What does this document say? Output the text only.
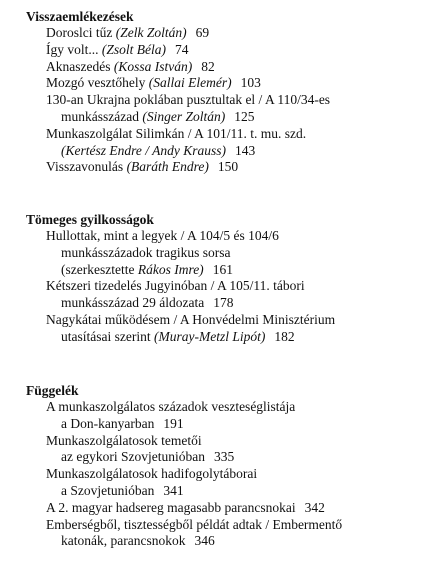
Visszaemlékezések
Doroslci tűz (Zelk Zoltán) 69
Így volt... (Zsolt Béla) 74
Aknaszedés (Kossa István) 82
Mozgó vesztőhely (Sallai Elemér) 103
130-an Ukrajna poklában pusztultak el / A 110/34-es
munkásszázad (Singer Zoltán) 125
Munkaszolgálat Silimkán / A 101/11. t. mu. szd.
(Kertész Endre / Andy Krauss) 143
Visszavonulás (Baráth Endre) 150
Tömeges gyilkosságok
Hullottak, mint a legyek / A 104/5 és 104/6
munkásszázadok tragikus sorsa
(szerkesztette Rákos Imre) 161
Kétszeri tizedelés Jugyinóban / A 105/11. tábori
munkásszázad 29 áldozata 178
Nagykátai működésem / A Honvédelmi Minisztérium
utasításai szerint (Muray-Metzl Lipót) 182
Függelék
A munkaszolgálatos századok veszteséglistája
a Don-kanyarban 191
Munkaszolgálatosok temetői
az egykori Szovjetunióban 335
Munkaszolgálatosok hadifogolytáborai
a Szovjetunióban 341
A 2. magyar hadsereg magasabb parancsnokai 342
Emberségből, tisztességből példát adtak / Embermentő
katonák, parancsnokok 346
